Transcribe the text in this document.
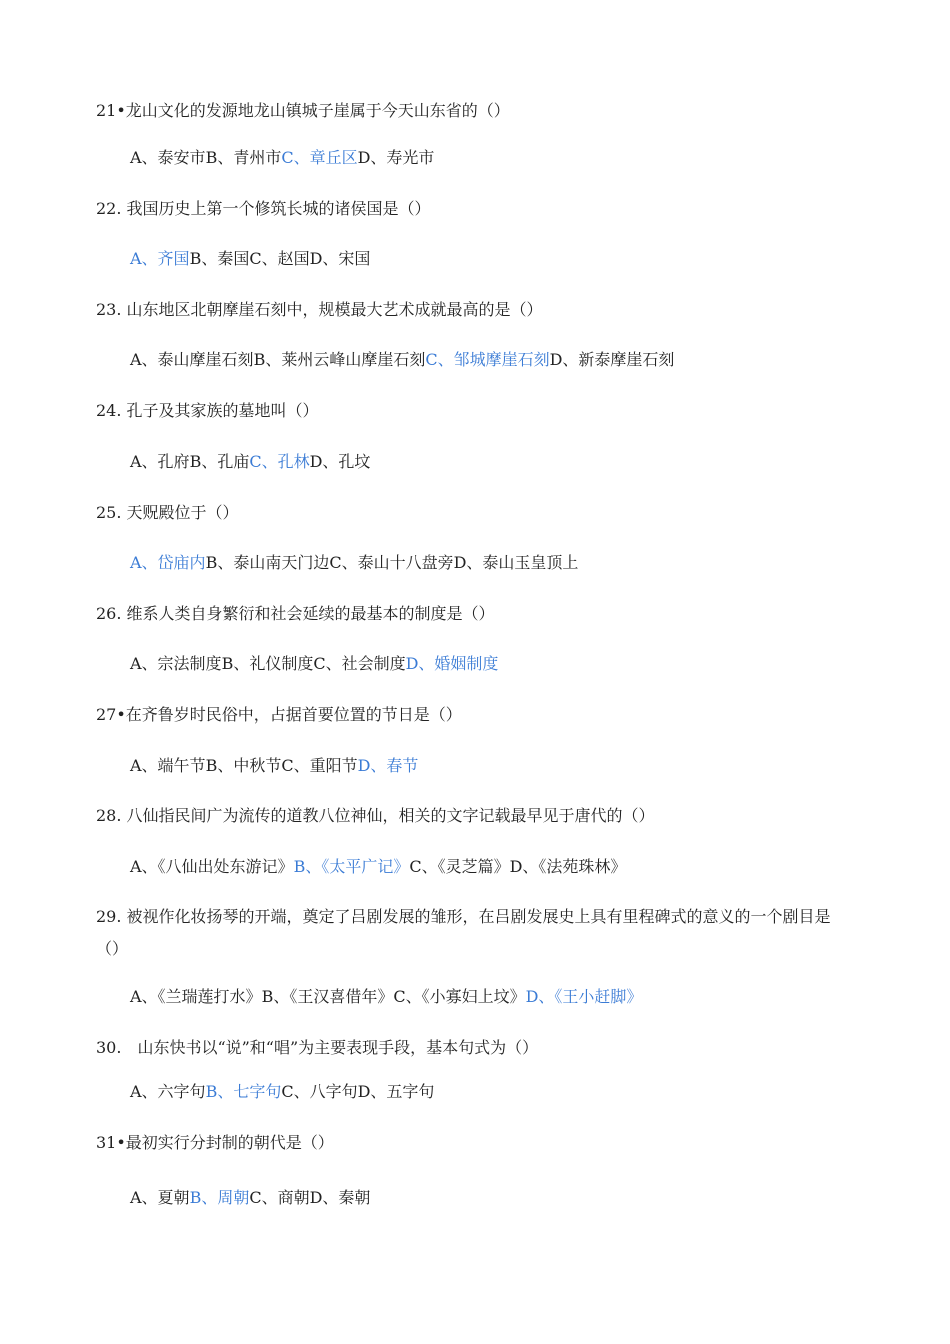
21•龙山文化的发源地龙山镇城子崖属于今天山东省的（）
A、泰安市B、青州市C、章丘区D、寿光市
22. 我国历史上第一个修筑长城的诸侯国是（）
A、齐国B、秦国C、赵国D、宋国
23. 山东地区北朝摩崖石刻中，规模最大艺术成就最高的是（）
A、泰山摩崖石刻B、莱州云峰山摩崖石刻C、邹城摩崖石刻D、新泰摩崖石刻
24. 孔子及其家族的墓地叫（）
A、孔府B、孔庙C、孔林D、孔坟
25. 天贶殿位于（）
A、岱庙内B、泰山南天门边C、泰山十八盘旁D、泰山玉皇顶上
26. 维系人类自身繁衍和社会延续的最基本的制度是（）
A、宗法制度B、礼仪制度C、社会制度D、婚姻制度
27•在齐鲁岁时民俗中，占据首要位置的节日是（）
A、端午节B、中秋节C、重阳节D、春节
28. 八仙指民间广为流传的道教八位神仙，相关的文字记载最早见于唐代的（）
A、《八仙出处东游记》B、《太平广记》C、《灵芝篇》D、《法苑珠林》
29. 被视作化妆扬琴的开端，奠定了吕剧发展的雏形，在吕剧发展史上具有里程碑式的意义的一个剧目是（）
A、《兰瑞莲打水》B、《王汉喜借年》C、《小寡妇上坟》D、《王小赶脚》
30.　山东快书以“说”和“唱”为主要表现手段，基本句式为（）
A、六字句B、七字句C、八字句D、五字句
31•最初实行分封制的朝代是（）
A、夏朝B、周朝C、商朝D、秦朝
